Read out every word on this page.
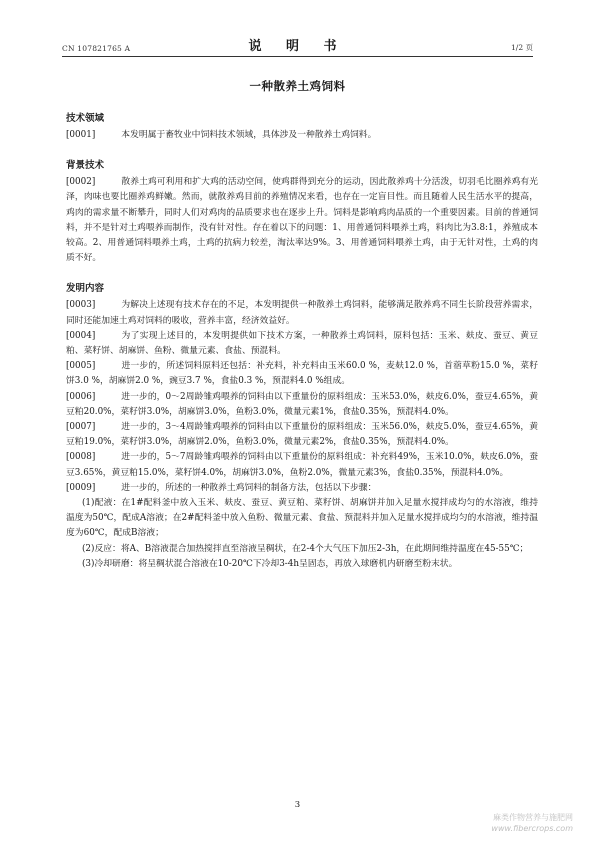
CN 107821765 A	说 明 书	1/2 页
一种散养土鸡饲料
技术领域

[0001]	本发明属于畜牧业中饲料技术领域，具体涉及一种散养土鸡饲料。

背景技术

[0002]	散养土鸡可利用和扩大鸡的活动空间，使鸡群得到充分的运动，因此散养鸡十分活泼，切羽毛比圈养鸡有光泽，肉味也要比圈养鸡鲜嫩。然而，就散养鸡目前的养殖情况来看，也存在一定盲目性。而且随着人民生活水平的提高，鸡肉的需求量不断攀升，同时人们对鸡肉的品质要求也在逐步上升。饲料是影响鸡肉品质的一个重要因素。目前的普通饲料，并不是针对土鸡喂养而制作，没有针对性。存在着以下的问题：1、用普通饲料喂养土鸡，料肉比为3.8:1，养殖成本较高。2、用普通饲料喂养土鸡，土鸡的抗病力较差，淘汰率达9%。3、用普通饲料喂养土鸡，由于无针对性，土鸡的肉质不好。

发明内容

[0003]	为解决上述现有技术存在的不足，本发明提供一种散养土鸡饲料，能够满足散养鸡不同生长阶段营养需求，同时还能加速土鸡对饲料的吸收，营养丰富，经济效益好。

[0004]	为了实现上述目的，本发明提供如下技术方案，一种散养土鸡饲料，原料包括：玉米、麸皮、蚕豆、黄豆粕、菜籽饼、胡麻饼、鱼粉、微量元素、食盐、预混料。

[0005]	进一步的，所述饲料原料还包括：补充料，补充料由玉米60.0 %，麦麸12.0 %，首蓿草粉15.0 %，菜籽饼3.0 %，胡麻饼2.0 %，豌豆3.7 %，食盐0.3 %，预混料4.0 %组成。

[0006]	进一步的，0～2周龄雏鸡喂养的饲料由以下重量份的原料组成：玉米53.0%，麸皮6.0%，蚕豆4.65%，黄豆粕20.0%，菜籽饼3.0%，胡麻饼3.0%，鱼粉3.0%，微量元素1%，食盐0.35%，预混料4.0%。

[0007]	进一步的，3～4周龄雏鸡喂养的饲料由以下重量份的原料组成：玉米56.0%，麸皮5.0%，蚕豆4.65%，黄豆粕19.0%，菜籽饼3.0%，胡麻饼2.0%，鱼粉3.0%，微量元素2%，食盐0.35%，预混料4.0%。

[0008]	进一步的，5～7周龄雏鸡喂养的饲料由以下重量份的原料组成：补充料49%，玉米10.0%，麸皮6.0%，蚕豆3.65%，黄豆粕15.0%，菜籽饼4.0%，胡麻饼3.0%，鱼粉2.0%，微量元素3%，食盐0.35%，预混料4.0%。

[0009]	进一步的，所述的一种散养土鸡饲料的制备方法，包括以下步骤：

(1)配液：在1#配料釜中放入玉米、麸皮、蚕豆、黄豆粕、菜籽饼、胡麻饼并加入足量水搅拌成均匀的水溶液，维持温度为50℃，配成A溶液；在2#配料釜中放入鱼粉、微量元素、食盐、预混料并加入足量水搅拌成均匀的水溶液，维持温度为60℃，配成B溶液；

(2)反应：将A、B溶液混合加热搅拌直至溶液呈稠状，在2-4个大气压下加压2-3h，在此期间维持温度在45-55℃；

(3)冷却研磨：将呈稠状混合溶液在10-20℃下冷却3-4h呈固态，再放入球磨机内研磨至粉末状。

3
麻类作物营养与施肥网
www.fibercrops.com
